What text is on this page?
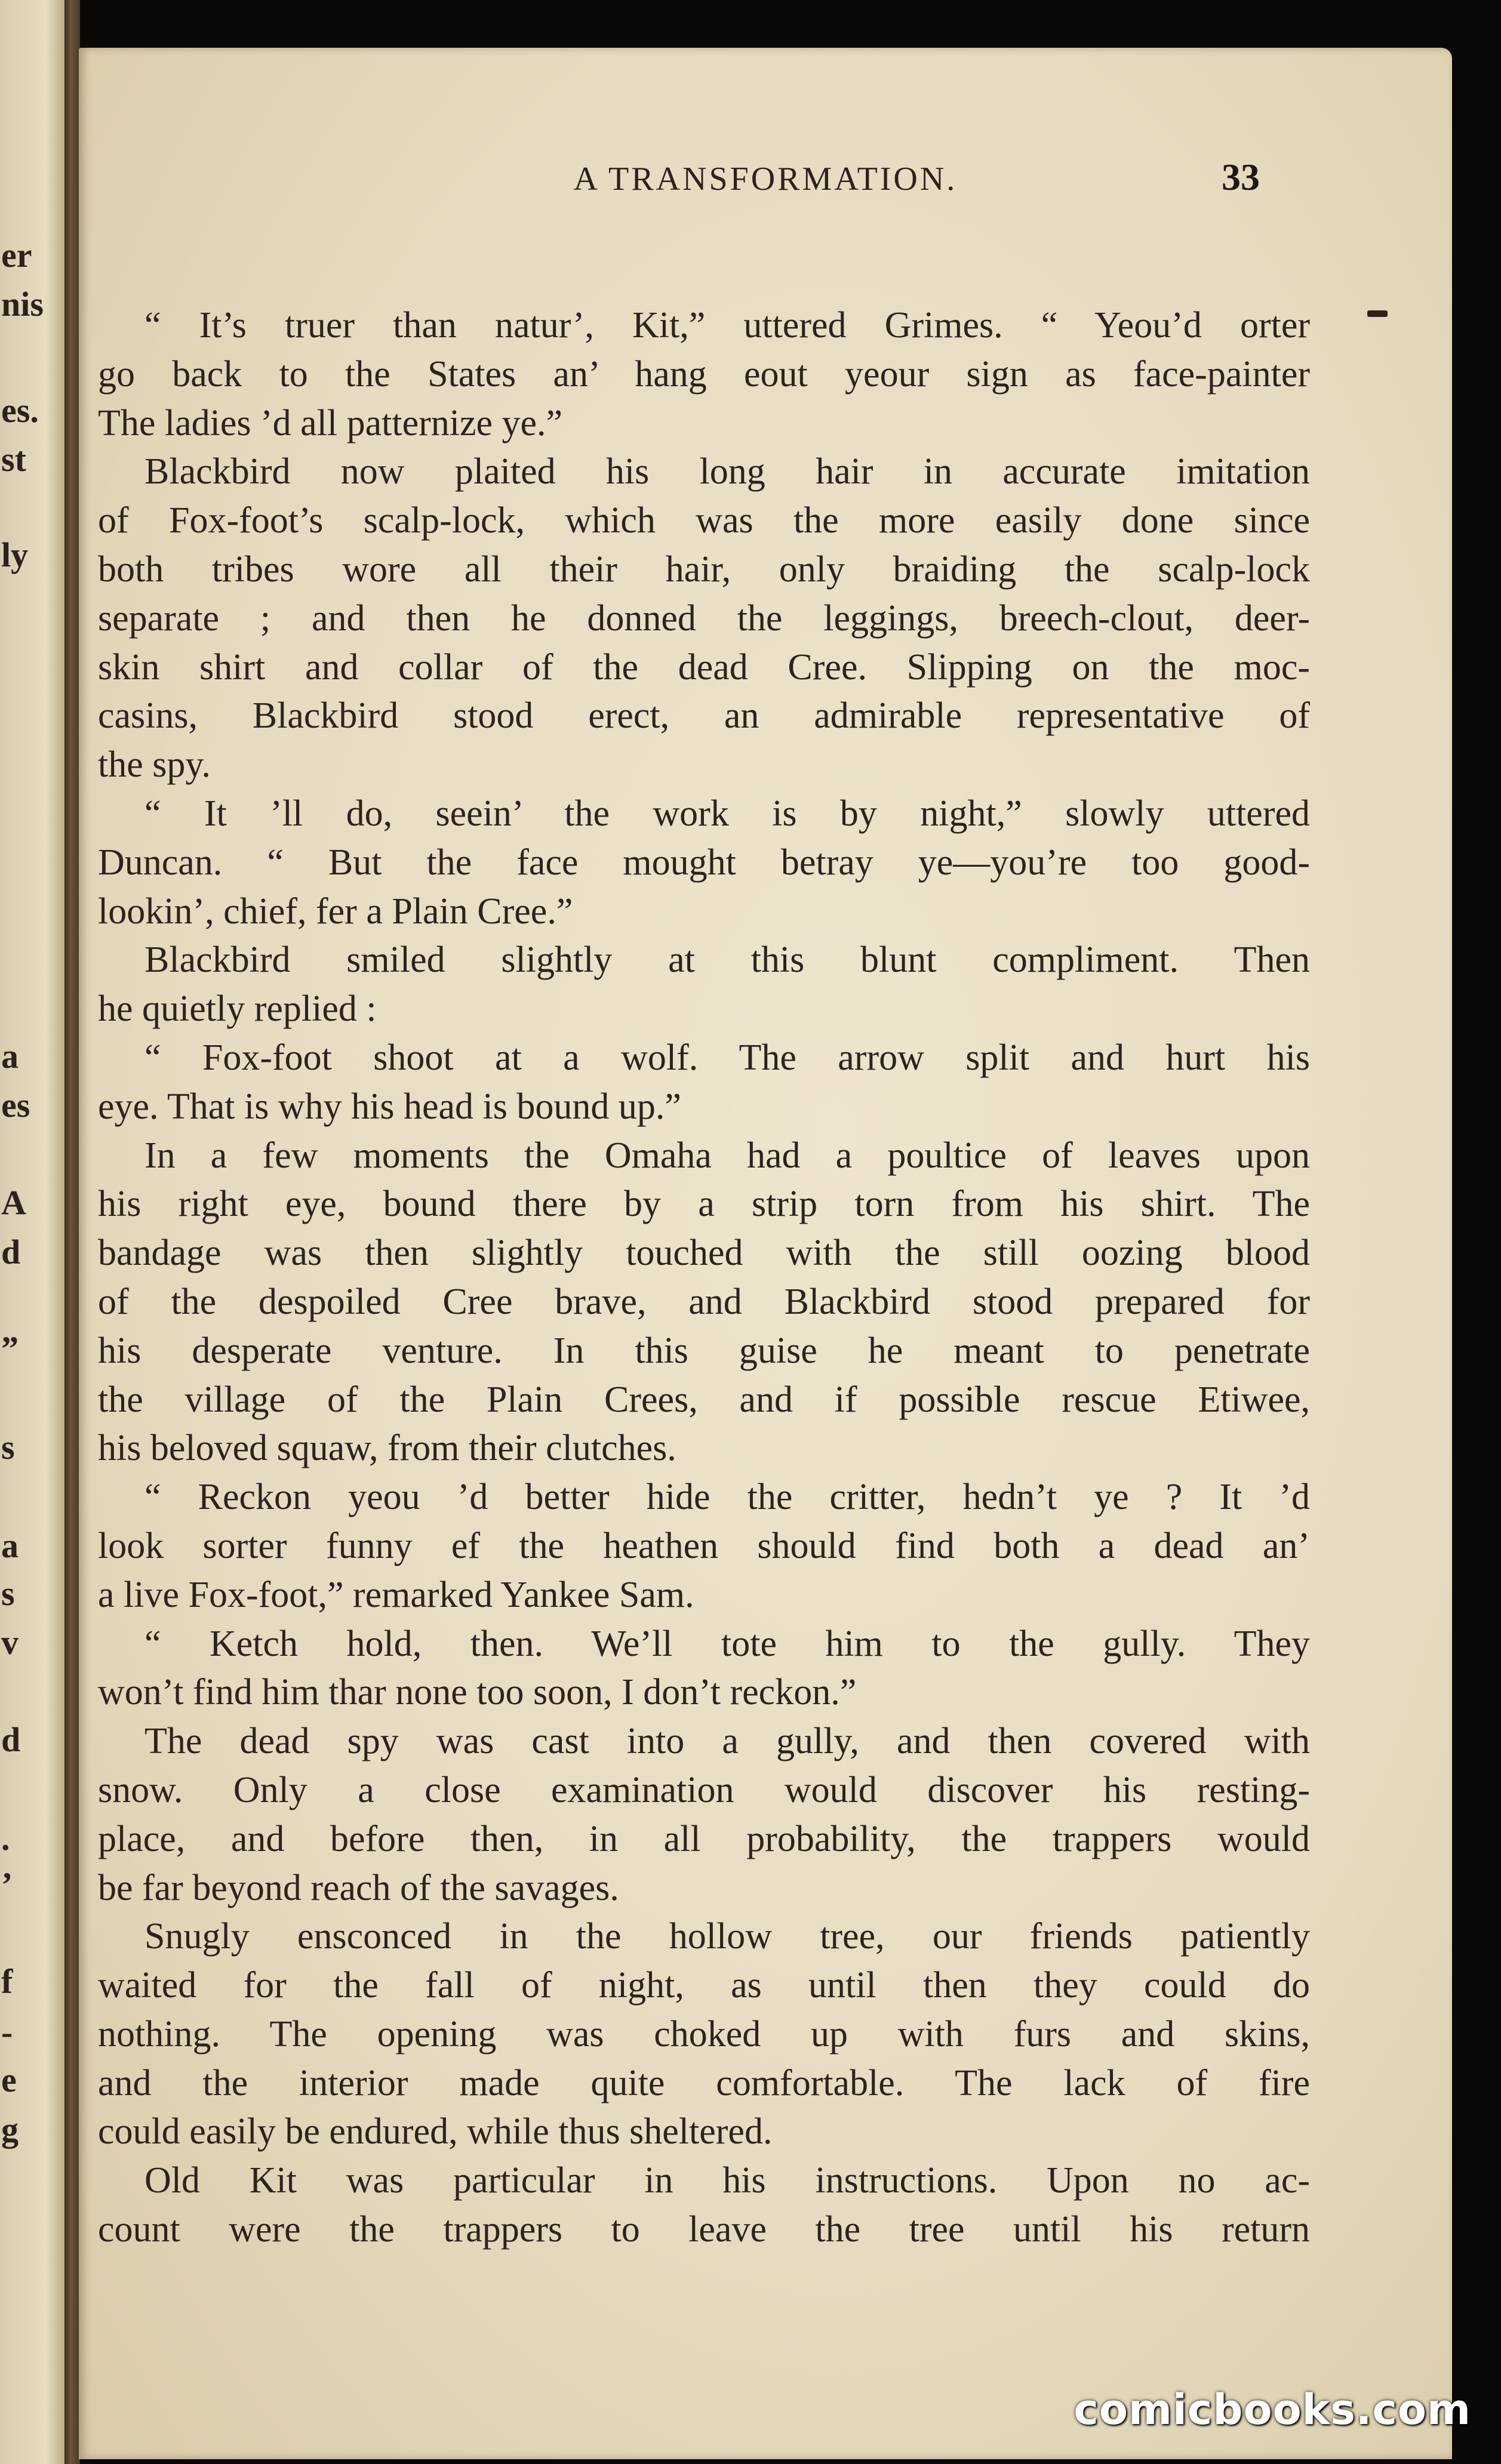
er
nis
es.
st
ly
a
es
A
d
”
s
a
s
v
d
.
’
f
-
e
g
A TRANSFORMATION.	33
“ It’s truer than natur’, Kit,” uttered Grimes. “ Yeou’d orter
go back to the States an’ hang eout yeour sign as face-painter
The ladies ’d all patternize ye.”
Blackbird now plaited his long hair in accurate imitation
of Fox-foot’s scalp-lock, which was the more easily done since
both tribes wore all their hair, only braiding the scalp-lock
separate ; and then he donned the leggings, breech-clout, deer-
skin shirt and collar of the dead Cree. Slipping on the moc-
casins, Blackbird stood erect, an admirable representative of
the spy.
“ It ’ll do, seein’ the work is by night,” slowly uttered
Duncan. “ But the face mought betray ye—you’re too good-
lookin’, chief, fer a Plain Cree.”
Blackbird smiled slightly at this blunt compliment. Then
he quietly replied :
“ Fox-foot shoot at a wolf. The arrow split and hurt his
eye. That is why his head is bound up.”
In a few moments the Omaha had a poultice of leaves upon
his right eye, bound there by a strip torn from his shirt. The
bandage was then slightly touched with the still oozing blood
of the despoiled Cree brave, and Blackbird stood prepared for
his desperate venture. In this guise he meant to penetrate
the village of the Plain Crees, and if possible rescue Etiwee,
his beloved squaw, from their clutches.
“ Reckon yeou ’d better hide the critter, hedn’t ye ? It ’d
look sorter funny ef the heathen should find both a dead an’
a live Fox-foot,” remarked Yankee Sam.
“ Ketch hold, then. We’ll tote him to the gully. They
won’t find him thar none too soon, I don’t reckon.”
The dead spy was cast into a gully, and then covered with
snow. Only a close examination would discover his resting-
place, and before then, in all probability, the trappers would
be far beyond reach of the savages.
Snugly ensconced in the hollow tree, our friends patiently
waited for the fall of night, as until then they could do
nothing. The opening was choked up with furs and skins,
and the interior made quite comfortable. The lack of fire
could easily be endured, while thus sheltered.
Old Kit was particular in his instructions. Upon no ac-
count were the trappers to leave the tree until his return
comicbooks.com
